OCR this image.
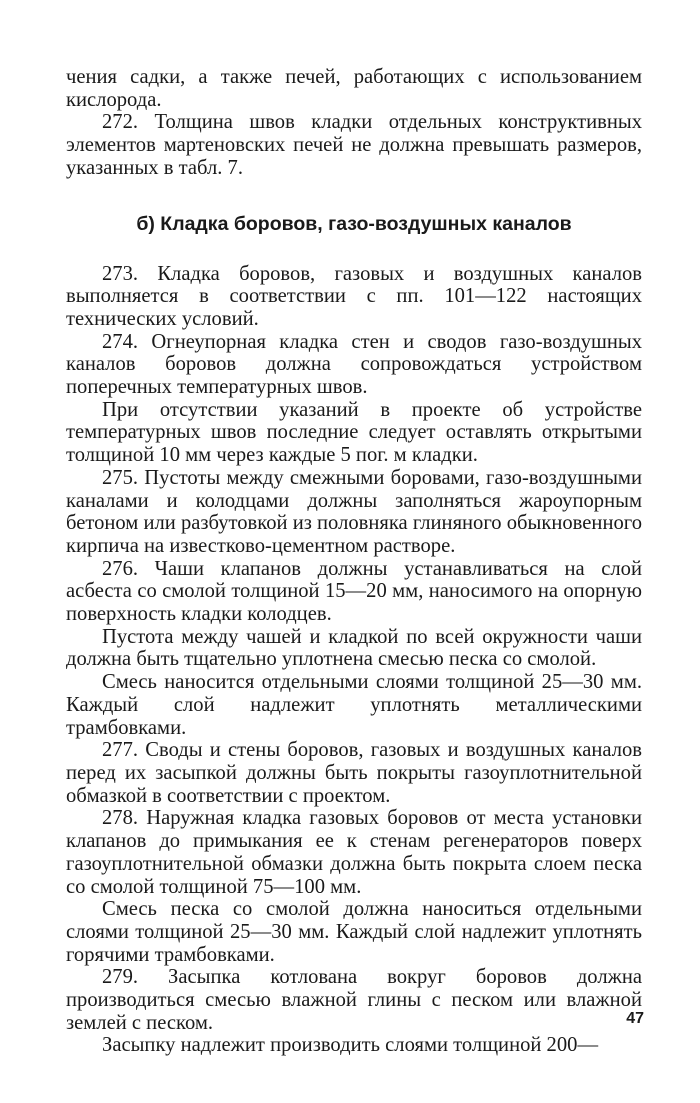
чения садки, а также печей, работающих с использованием кислорода.

272. Толщина швов кладки отдельных конструктивных элементов мартеновских печей не должна превышать размеров, указанных в табл. 7.

б) Кладка боровов, газо-воздушных каналов

273. Кладка боровов, газовых и воздушных каналов выполняется в соответствии с пп. 101—122 настоящих технических условий.

274. Огнеупорная кладка стен и сводов газо-воздушных каналов боровов должна сопровождаться устройством поперечных температурных швов.

При отсутствии указаний в проекте об устройстве температурных швов последние следует оставлять открытыми толщиной 10 мм через каждые 5 пог. м кладки.

275. Пустоты между смежными боровами, газо-воздушными каналами и колодцами должны заполняться жароупорным бетоном или разбутовкой из половняка глиняного обыкновенного кирпича на известково-цементном растворе.

276. Чаши клапанов должны устанавливаться на слой асбеста со смолой толщиной 15—20 мм, наносимого на опорную поверхность кладки колодцев.

Пустота между чашей и кладкой по всей окружности чаши должна быть тщательно уплотнена смесью песка со смолой.

Смесь наносится отдельными слоями толщиной 25—30 мм. Каждый слой надлежит уплотнять металлическими трамбовками.

277. Своды и стены боровов, газовых и воздушных каналов перед их засыпкой должны быть покрыты газоуплотнительной обмазкой в соответствии с проектом.

278. Наружная кладка газовых боровов от места установки клапанов до примыкания ее к стенам регенераторов поверх газоуплотнительной обмазки должна быть покрыта слоем песка со смолой толщиной 75—100 мм.

Смесь песка со смолой должна наноситься отдельными слоями толщиной 25—30 мм. Каждый слой надлежит уплотнять горячими трамбовками.

279. Засыпка котлована вокруг боровов должна производиться смесью влажной глины с песком или влажной землей с песком.

Засыпку надлежит производить слоями толщиной 200—

47
